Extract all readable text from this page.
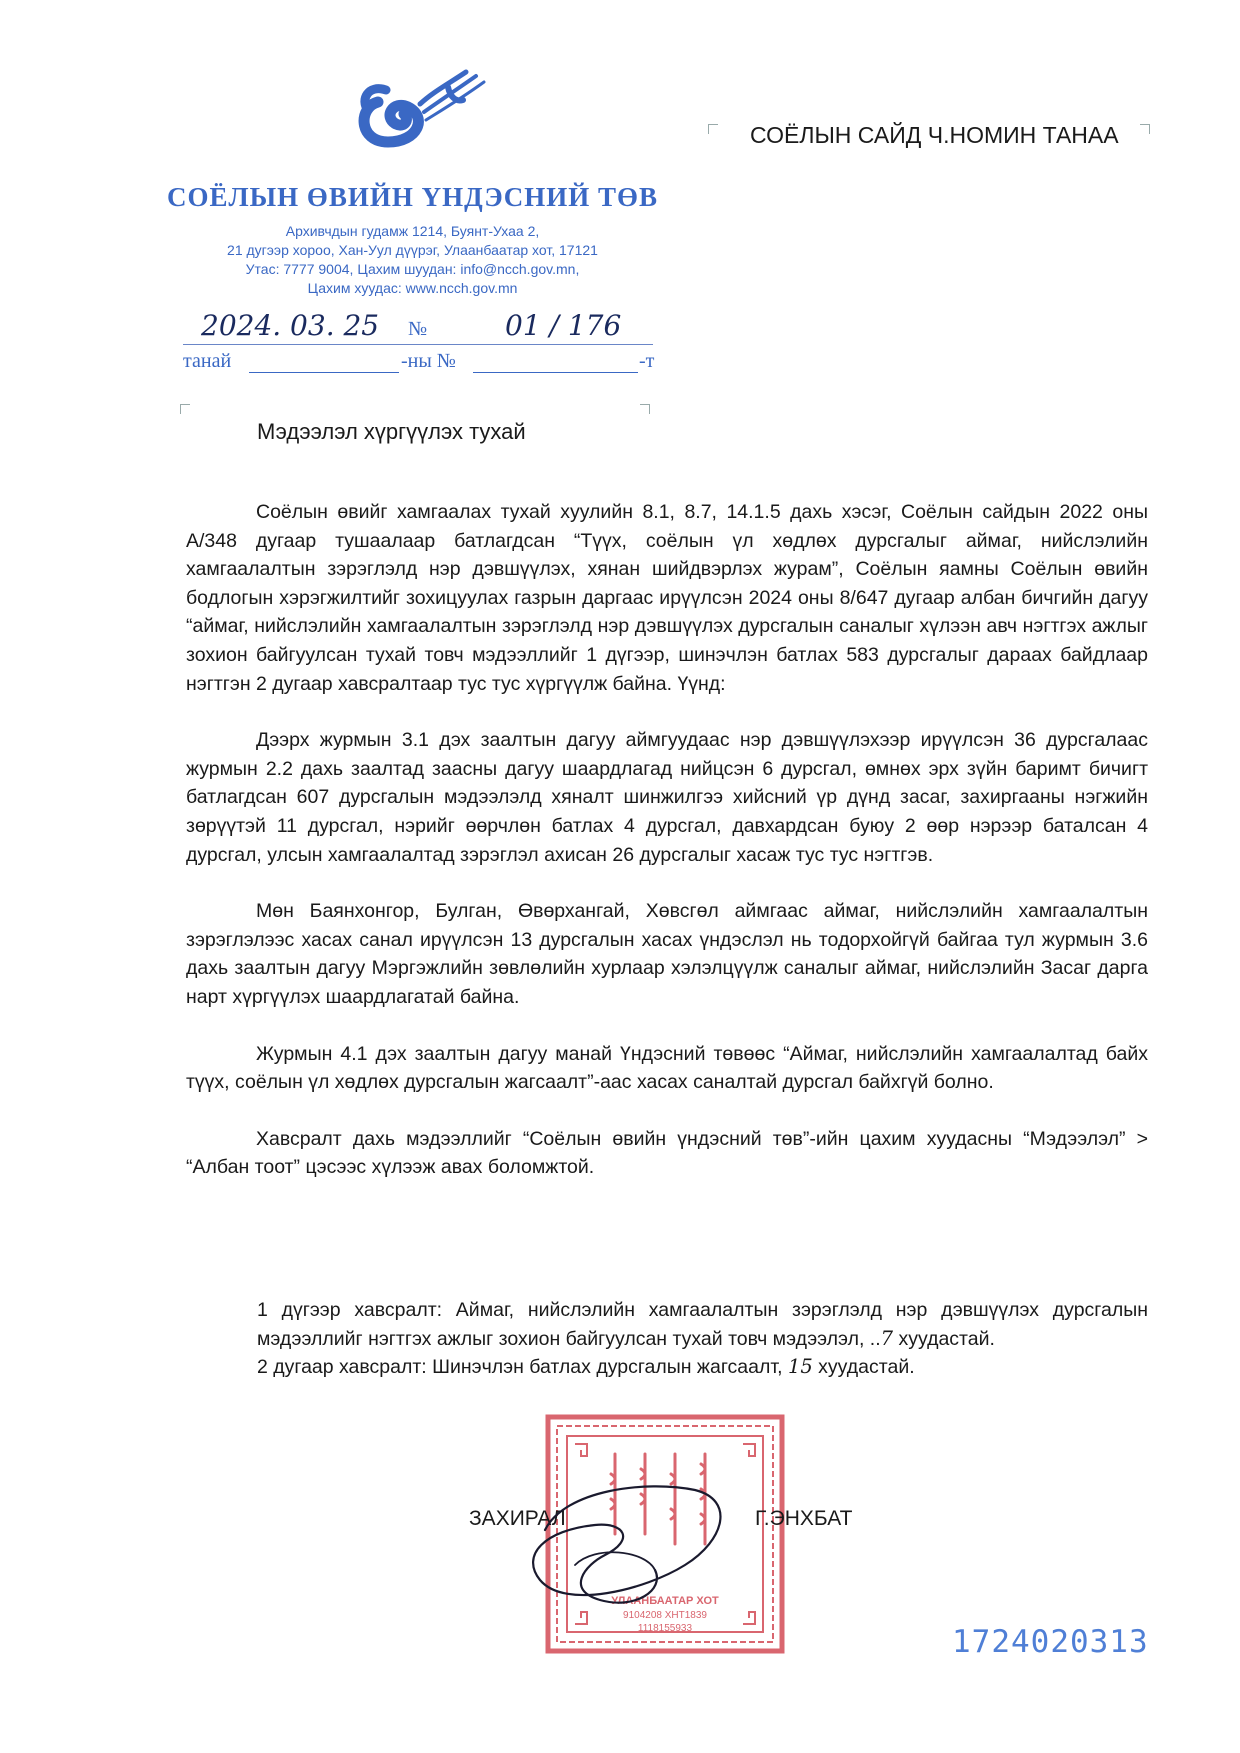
СОЁЛЫН ӨВИЙН ҮНДЭСНИЙ ТӨВ
Архивчдын гудамж 1214, Буянт-Ухаа 2,
21 дугээр хороо, Хан-Уул дүүрэг, Улаанбаатар хот, 17121
Утас: 7777 9004, Цахим шуудан: info@ncch.gov.mn,
Цахим хуудас: www.ncch.gov.mn
2024. 03. 25 №	01 / 176
танай	-ны №	-т
СОЁЛЫН САЙД Ч.НОМИН ТАНАА
Мэдээлэл хүргүүлэх тухай

Соёлын өвийг хамгаалах тухай хуулийн 8.1, 8.7, 14.1.5 дахь хэсэг, Соёлын сайдын 2022 оны А/348 дугаар тушаалаар батлагдсан “Түүх, соёлын үл хөдлөх дурсгалыг аймаг, нийслэлийн хамгаалалтын зэрэглэлд нэр дэвшүүлэх, хянан шийдвэрлэх журам”, Соёлын яамны Соёлын өвийн бодлогын хэрэгжилтийг зохицуулах газрын даргаас ирүүлсэн 2024 оны 8/647 дугаар албан бичгийн дагуу “аймаг, нийслэлийн хамгаалалтын зэрэглэлд нэр дэвшүүлэх дурсгалын саналыг хүлээн авч нэгтгэх ажлыг зохион байгуулсан тухай товч мэдээллийг 1 дүгээр, шинэчлэн батлах 583 дурсгалыг дараах байдлаар нэгтгэн 2 дугаар хавсралтаар тус тус хүргүүлж байна. Үүнд:

Дээрх журмын 3.1 дэх заалтын дагуу аймгуудаас нэр дэвшүүлэхээр ирүүлсэн 36 дурсгалаас журмын 2.2 дахь заалтад заасны дагуу шаардлагад нийцсэн 6 дурсгал, өмнөх эрх зүйн баримт бичигт батлагдсан 607 дурсгалын мэдээлэлд хяналт шинжилгээ хийсний үр дүнд засаг, захиргааны нэгжийн зөрүүтэй 11 дурсгал, нэрийг өөрчлөн батлах 4 дурсгал, давхардсан буюу 2 өөр нэрээр баталсан 4 дурсгал, улсын хамгаалалтад зэрэглэл ахисан 26 дурсгалыг хасаж тус тус нэгтгэв.

Мөн Баянхонгор, Булган, Өвөрхангай, Хөвсгөл аймгаас аймаг, нийслэлийн хамгаалалтын зэрэглэлээс хасах санал ирүүлсэн 13 дурсгалын хасах үндэслэл нь тодорхойгүй байгаа тул журмын 3.6 дахь заалтын дагуу Мэргэжлийн зөвлөлийн хурлаар хэлэлцүүлж саналыг аймаг, нийслэлийн Засаг дарга нарт хүргүүлэх шаардлагатай байна.

Журмын 4.1 дэх заалтын дагуу манай Үндэсний төвөөс “Аймаг, нийслэлийн хамгаалалтад байх түүх, соёлын үл хөдлөх дурсгалын жагсаалт”-аас хасах саналтай дурсгал байхгүй болно.

Хавсралт дахь мэдээллийг “Соёлын өвийн үндэсний төв”-ийн цахим хуудасны “Мэдээлэл” > “Албан тоот” цэсээс хүлээж авах боломжтой.

1 дүгээр хавсралт: Аймаг, нийслэлийн хамгаалалтын зэрэглэлд нэр дэвшүүлэх дурсгалын мэдээллийг нэгтгэх ажлыг зохион байгуулсан тухай товч мэдээлэл, ..7 хуудастай.

2 дугаар хавсралт: Шинэчлэн батлах дурсгалын жагсаалт, 15 хуудастай.

УЛААНБААТАР ХОТ
9104208 ХНТ1839
1118155933
ЗАХИРАЛ	Г.ЭНХБАТ
1724020313
